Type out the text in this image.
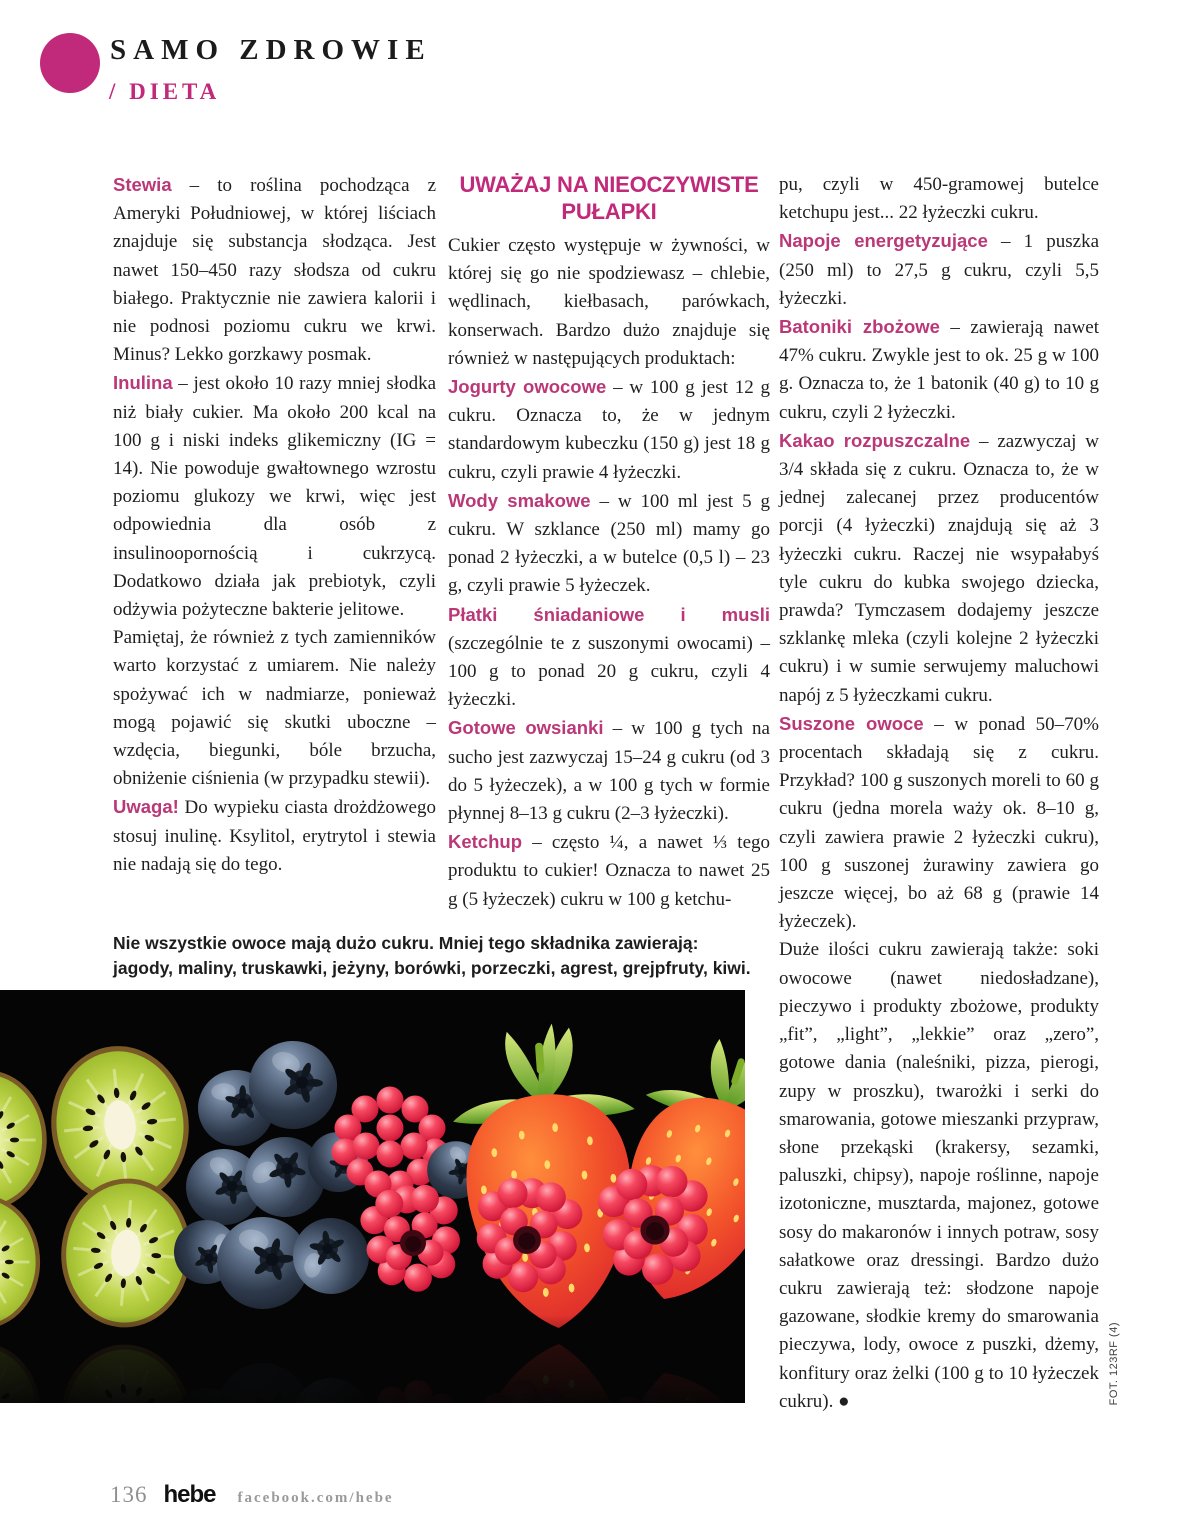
SAMO ZDROWIE
/ DIETA

Stewia – to roślina pochodząca z Ameryki Południowej, w której liściach znajduje się substancja słodząca. Jest nawet 150–450 razy słodsza od cukru białego. Praktycznie nie zawiera kalorii i nie podnosi poziomu cukru we krwi. Minus? Lekko gorzkawy posmak.

Inulina – jest około 10 razy mniej słodka niż biały cukier. Ma około 200 kcal na 100 g i niski indeks glikemiczny (IG = 14). Nie powoduje gwałtownego wzrostu poziomu glukozy we krwi, więc jest odpowiednia dla osób z insulinoopornością i cukrzycą. Dodatkowo działa jak prebiotyk, czyli odżywia pożyteczne bakterie jelitowe.

Pamiętaj, że również z tych zamienników warto korzystać z umiarem. Nie należy spożywać ich w nadmiarze, ponieważ mogą pojawić się skutki uboczne – wzdęcia, biegunki, bóle brzucha, obniżenie ciśnienia (w przypadku stewii).

Uwaga! Do wypieku ciasta drożdżowego stosuj inulinę. Ksylitol, erytrytol i stewia nie nadają się do tego.

UWAŻAJ NA NIEOCZYWISTE PUŁAPKI

Cukier często występuje w żywności, w której się go nie spodziewasz – chlebie, wędlinach, kiełbasach, parówkach, konserwach. Bardzo dużo znajduje się również w następujących produktach:

Jogurty owocowe – w 100 g jest 12 g cukru. Oznacza to, że w jednym standardowym kubeczku (150 g) jest 18 g cukru, czyli prawie 4 łyżeczki.

Wody smakowe – w 100 ml jest 5 g cukru. W szklance (250 ml) mamy go ponad 2 łyżeczki, a w butelce (0,5 l) – 23 g, czyli prawie 5 łyżeczek.

Płatki śniadaniowe i musli (szczególnie te z suszonymi owocami) – 100 g to ponad 20 g cukru, czyli 4 łyżeczki.

Gotowe owsianki – w 100 g tych na sucho jest zazwyczaj 15–24 g cukru (od 3 do 5 łyżeczek), a w 100 g tych w formie płynnej 8–13 g cukru (2–3 łyżeczki).

Ketchup – często ¼, a nawet ⅓ tego produktu to cukier! Oznacza to nawet 25 g (5 łyżeczek) cukru w 100 g ketchu-

pu, czyli w 450-gramowej butelce ketchupu jest... 22 łyżeczki cukru.

Napoje energetyzujące – 1 puszka (250 ml) to 27,5 g cukru, czyli 5,5 łyżeczki.

Batoniki zbożowe – zawierają nawet 47% cukru. Zwykle jest to ok. 25 g w 100 g. Oznacza to, że 1 batonik (40 g) to 10 g cukru, czyli 2 łyżeczki.

Kakao rozpuszczalne – zazwyczaj w 3/4 składa się z cukru. Oznacza to, że w jednej zalecanej przez producentów porcji (4 łyżeczki) znajdują się aż 3 łyżeczki cukru. Raczej nie wsypałabyś tyle cukru do kubka swojego dziecka, prawda? Tymczasem dodajemy jeszcze szklankę mleka (czyli kolejne 2 łyżeczki cukru) i w sumie serwujemy maluchowi napój z 5 łyżeczkami cukru.

Suszone owoce – w ponad 50–70% procentach składają się z cukru. Przykład? 100 g suszonych moreli to 60 g cukru (jedna morela waży ok. 8–10 g, czyli zawiera prawie 2 łyżeczki cukru), 100 g suszonej żurawiny zawiera go jeszcze więcej, bo aż 68 g (prawie 14 łyżeczek).

Duże ilości cukru zawierają także: soki owocowe (nawet niedosładzane), pieczywo i produkty zbożowe, produkty „fit”, „light”, „lekkie” oraz „zero”, gotowe dania (naleśniki, pizza, pierogi, zupy w proszku), twarożki i serki do smarowania, gotowe mieszanki przypraw, słone przekąski (krakersy, sezamki, paluszki, chipsy), napoje roślinne, napoje izotoniczne, musztarda, majonez, gotowe sosy do makaronów i innych potraw, sosy sałatkowe oraz dressingi. Bardzo dużo cukru zawierają też: słodzone napoje gazowane, słodkie kremy do smarowania pieczywa, lody, owoce z puszki, dżemy, konfitury oraz żelki (100 g to 10 łyżeczek cukru). ●

Nie wszystkie owoce mają dużo cukru. Mniej tego składnika zawierają:
jagody, maliny, truskawki, jeżyny, borówki, porzeczki, agrest, grejpfruty, kiwi.
136 hebe facebook.com/hebe
FOT. 123RF (4)
